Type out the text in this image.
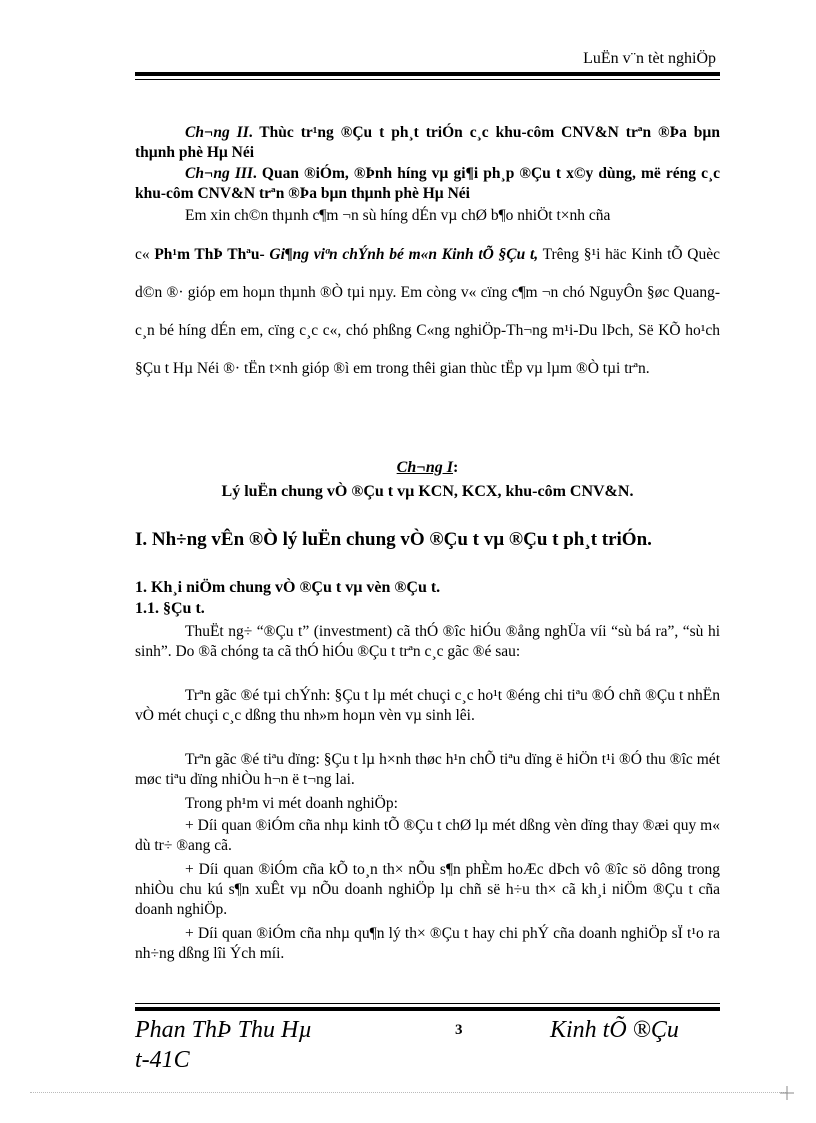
LuËn v¨n tèt nghiÖp
Ch¬ng II. Thùc tr¹ng ®Çu t ph¸t triÓn c¸c khu-côm CNV&N trªn ®Þa bµn thµnh phè Hµ Néi
Ch¬ng III. Quan ®iÓm, ®Þnh híng vµ gi¶i ph¸p ®Çu t x©y dùng, më réng c¸c khu-côm CNV&N trªn ®Þa bµn thµnh phè Hµ Néi
Em xin ch©n thµnh c¶m ¬n sù híng dÉn vµ chØ b¶o nhiÖt t×nh cña
c« Ph¹m ThÞ Thªu- Gi¶ng viªn chÝnh bé m«n Kinh tÕ §Çu t, Trêng §¹i häc Kinh tÕ Quèc d©n ®· gióp em hoµn thµnh ®Ò tµi nµy. Em còng v« cïng c¶m ¬n chó NguyÔn §øc Quang-c¸n bé híng dÉn em, cïng c¸c c«, chó phßng C«ng nghiÖp-Th¬ng m¹i-Du lÞch, Së KÕ ho¹ch §Çu t Hµ Néi ®· tËn t×nh gióp ®ì em trong thêi gian thùc tËp vµ lµm ®Ò tµi trªn.
Ch¬ng I:
Lý luËn chung vÒ ®Çu t vµ KCN, KCX, khu-côm CNV&N.
I. Nh÷ng vÊn ®Ò lý luËn chung vÒ ®Çu t vµ ®Çu t ph¸t triÓn.
1. Kh¸i niÖm chung vÒ ®Çu t vµ vèn ®Çu t.
1.1. §Çu t.
ThuËt ng÷ “®Çu t” (investment) cã thÓ ®îc hiÓu ®ång nghÜa víi “sù bá ra”, “sù hi sinh”. Do ®ã chóng ta cã thÓ hiÓu ®Çu t trªn c¸c gãc ®é sau:
Trªn gãc ®é tµi chÝnh: §Çu t lµ mét chuçi c¸c ho¹t ®éng chi tiªu ®Ó chñ ®Çu t nhËn vÒ mét chuçi c¸c dßng thu nh»m hoµn vèn vµ sinh lêi.
Trªn gãc ®é tiªu dïng: §Çu t lµ h×nh thøc h¹n chÕ tiªu dïng ë hiÖn t¹i ®Ó thu ®îc mét møc tiªu dïng nhiÒu h¬n ë t¬ng lai.
Trong ph¹m vi mét doanh nghiÖp:
+ Díi quan ®iÓm cña nhµ kinh tÕ ®Çu t chØ lµ mét dßng vèn dïng thay ®æi quy m« dù tr÷ ®ang cã.
+ Díi quan ®iÓm cña kÕ to¸n th× nÕu s¶n phÈm hoÆc dÞch vô ®îc sö dông trong nhiÒu chu kú s¶n xuÊt vµ nÕu doanh nghiÖp lµ chñ së h÷u th× cã kh¸i niÖm ®Çu t cña doanh nghiÖp.
+ Díi quan ®iÓm cña nhµ qu¶n lý th× ®Çu t hay chi phÝ cña doanh nghiÖp sÏ t¹o ra nh÷ng dßng lîi Ých míi.
Phan ThÞ Thu Hµ
t-41C
3	Kinh tÕ ®Çu
